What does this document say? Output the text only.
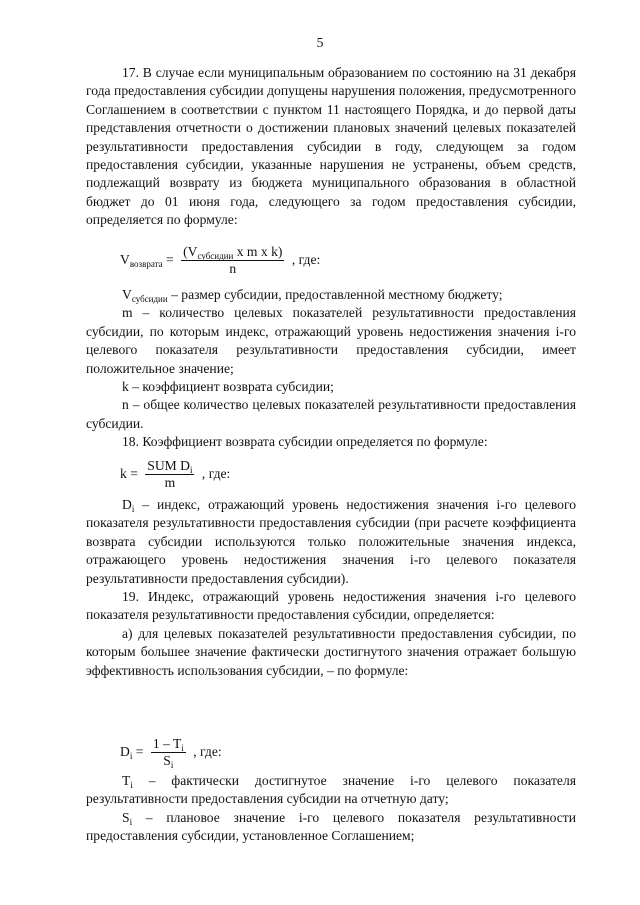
5

17. В случае если муниципальным образованием по состоянию на 31 декабря года предоставления субсидии допущены нарушения положения, предусмотренного Соглашением в соответствии с пунктом 11 настоящего Порядка, и до первой даты представления отчетности о достижении плановых значений целевых показателей результативности предоставления субсидии в году, следующем за годом предоставления субсидии, указанные нарушения не устранены, объем средств, подлежащий возврату из бюджета муниципального образования в областной бюджет до 01 июня года, следующего за годом предоставления субсидии, определяется по формуле:

$V_{возврата} = \frac{(V_{субсидии} x m x k)}{n}$ , где:

$V_{субсидии}$ – размер субсидии, предоставленной местному бюджету;

m – количество целевых показателей результативности предоставления субсидии, по которым индекс, отражающий уровень недостижения значения i-го целевого показателя результативности предоставления субсидии, имеет положительное значение;

k – коэффициент возврата субсидии;

n – общее количество целевых показателей результативности предоставления субсидии.

18. Коэффициент возврата субсидии определяется по формуле:

$k = \frac{SUM D_i}{m}$ , где:

$D_i$ – индекс, отражающий уровень недостижения значения i-го целевого показателя результативности предоставления субсидии (при расчете коэффициента возврата субсидии используются только положительные значения индекса, отражающего уровень недостижения значения i-го целевого показателя результативности предоставления субсидии).

19. Индекс, отражающий уровень недостижения значения i-го целевого показателя результативности предоставления субсидии, определяется:

а) для целевых показателей результативности предоставления субсидии, по которым большее значение фактически достигнутого значения отражает большую эффективность использования субсидии, – по формуле:

$D_i = \frac{1 - T_i}{S_i}$ , где:

$T_i$ – фактически достигнутое значение i-го целевого показателя результативности предоставления субсидии на отчетную дату;

$S_i$ – плановое значение i-го целевого показателя результативности предоставления субсидии, установленное Соглашением;
